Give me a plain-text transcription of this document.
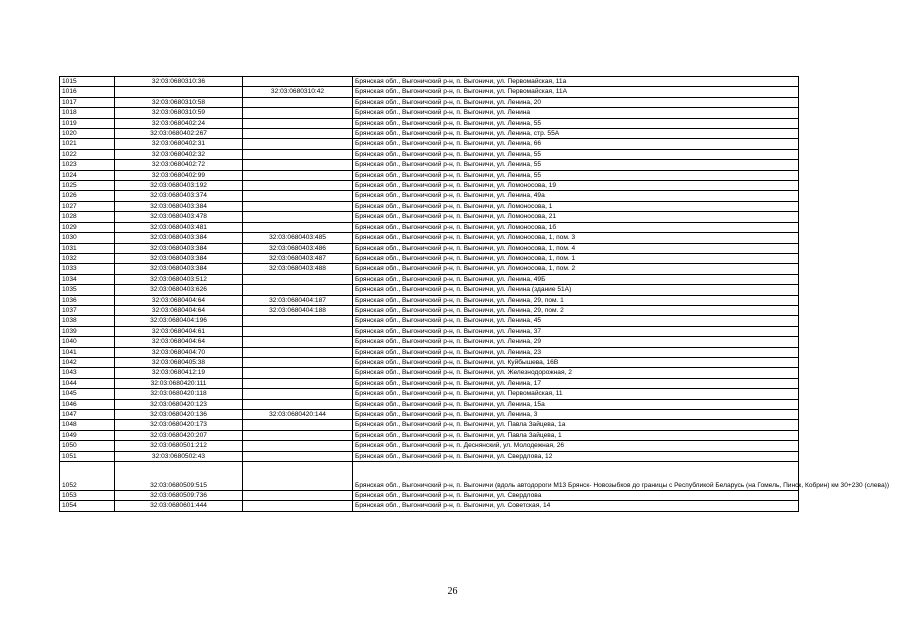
1015	32:03:0680310:36		Брянская обл., Выгоничский р-н, п. Выгоничи, ул. Первомайская, 11а
1016		32:03:0680310:42	Брянская обл., Выгоничский р-н, п. Выгоничи, ул. Первомайская, 11А
1017	32:03:0680310:58		Брянская обл., Выгоничский р-н, п. Выгоничи, ул. Ленина, 20
1018	32:03:0680310:59		Брянская обл., Выгоничский р-н, п. Выгоничи, ул. Ленина
1019	32:03:0680402:24		Брянская обл., Выгоничский р-н, п. Выгоничи, ул. Ленина, 55
1020	32:03:0680402:267		Брянская обл., Выгоничский р-н, п. Выгоничи, ул. Ленина, стр. 55А
1021	32:03:0680402:31		Брянская обл., Выгоничский р-н, п. Выгоничи, ул. Ленина, 66
1022	32:03:0680402:32		Брянская обл., Выгоничский р-н, п. Выгоничи, ул. Ленина, 55
1023	32:03:0680402:72		Брянская обл., Выгоничский р-н, п. Выгоничи, ул. Ленина, 55
1024	32:03:0680402:99		Брянская обл., Выгоничский р-н, п. Выгоничи, ул. Ленина, 55
1025	32:03:0680403:192		Брянская обл., Выгоничский р-н, п. Выгоничи, ул. Ломоносова, 19
1026	32:03:0680403:374		Брянская обл., Выгоничский р-н, п. Выгоничи, ул. Ленина, 49а
1027	32:03:0680403:384		Брянская обл., Выгоничский р-н, п. Выгоничи, ул. Ломоносова, 1
1028	32:03:0680403:478		Брянская обл., Выгоничский р-н, п. Выгоничи, ул. Ломоносова, 21
1029	32:03:0680403:481		Брянская обл., Выгоничский р-н, п. Выгоничи, ул. Ломоносова, 1б
1030	32:03:0680403:384	32:03:0680403:485	Брянская обл., Выгоничский р-н, п. Выгоничи, ул. Ломоносова, 1, пом. 3
1031	32:03:0680403:384	32:03:0680403:486	Брянская обл., Выгоничский р-н, п. Выгоничи, ул. Ломоносова, 1, пом. 4
1032	32:03:0680403:384	32:03:0680403:487	Брянская обл., Выгоничский р-н, п. Выгоничи, ул. Ломоносова, 1, пом. 1
1033	32:03:0680403:384	32:03:0680403:488	Брянская обл., Выгоничский р-н, п. Выгоничи, ул. Ломоносова, 1, пом. 2
1034	32:03:0680403:512		Брянская обл., Выгоничский р-н, п. Выгоничи, ул. Ленина, 49Б
1035	32:03:0680403:626		Брянская обл., Выгоничский р-н, п. Выгоничи, ул. Ленина (здание 51А)
1036	32:03:0680404:64	32:03:0680404:187	Брянская обл., Выгоничский р-н, п. Выгоничи, ул. Ленина, 29, пом. 1
1037	32:03:0680404:64	32:03:0680404:188	Брянская обл., Выгоничский р-н, п. Выгоничи, ул. Ленина, 29, пом. 2
1038	32:03:0680404:196		Брянская обл., Выгоничский р-н, п. Выгоничи, ул. Ленина, 45
1039	32:03:0680404:61		Брянская обл., Выгоничский р-н, п. Выгоничи, ул. Ленина, 37
1040	32:03:0680404:64		Брянская обл., Выгоничский р-н, п. Выгоничи, ул. Ленина, 29
1041	32:03:0680404:70		Брянская обл., Выгоничский р-н, п. Выгоничи, ул. Ленина, 23
1042	32:03:0680405:38		Брянская обл., Выгоничский р-н, п. Выгоничи, ул. Куйбышева, 16В
1043	32:03:0680412:19		Брянская обл., Выгоничский р-н, п. Выгоничи, ул. Железнодорожная, 2
1044	32:03:0680420:111		Брянская обл., Выгоничский р-н, п. Выгоничи, ул. Ленина, 17
1045	32:03:0680420:118		Брянская обл., Выгоничский р-н, п. Выгоничи, ул. Первомайская, 11
1046	32:03:0680420:123		Брянская обл., Выгоничский р-н, п. Выгоничи, ул. Ленина, 15а
1047	32:03:0680420:136	32:03:0680420:144	Брянская обл., Выгоничский р-н, п. Выгоничи, ул. Ленина, 3
1048	32:03:0680420:173		Брянская обл., Выгоничский р-н, п. Выгоничи, ул. Павла Зайцева, 1а
1049	32:03:0680420:207		Брянская обл., Выгоничский р-н, п. Выгоничи, ул. Павла Зайцева, 1
1050	32:03:0680501:212		Брянская обл., Выгоничский р-н, п. Деснянский, ул. Молодежная, 26
1051	32:03:0680502:43		Брянская обл., Выгоничский р-н, п. Выгоничи, ул. Свердлова, 12
1052	32:03:0680509:515		Брянская обл., Выгоничский р-н, п. Выгоничи (вдоль автодороги М13 Брянск- Новозыбков до границы с Республикой Беларусь (на Гомель, Пинск, Кобрин) км 30+230 (слева))
1053	32:03:0680509:736		Брянская обл., Выгоничский р-н, п. Выгоничи, ул. Свердлова
1054	32:03:0680601:444		Брянская обл., Выгоничский р-н, п. Выгоничи, ул. Советская, 14
26
